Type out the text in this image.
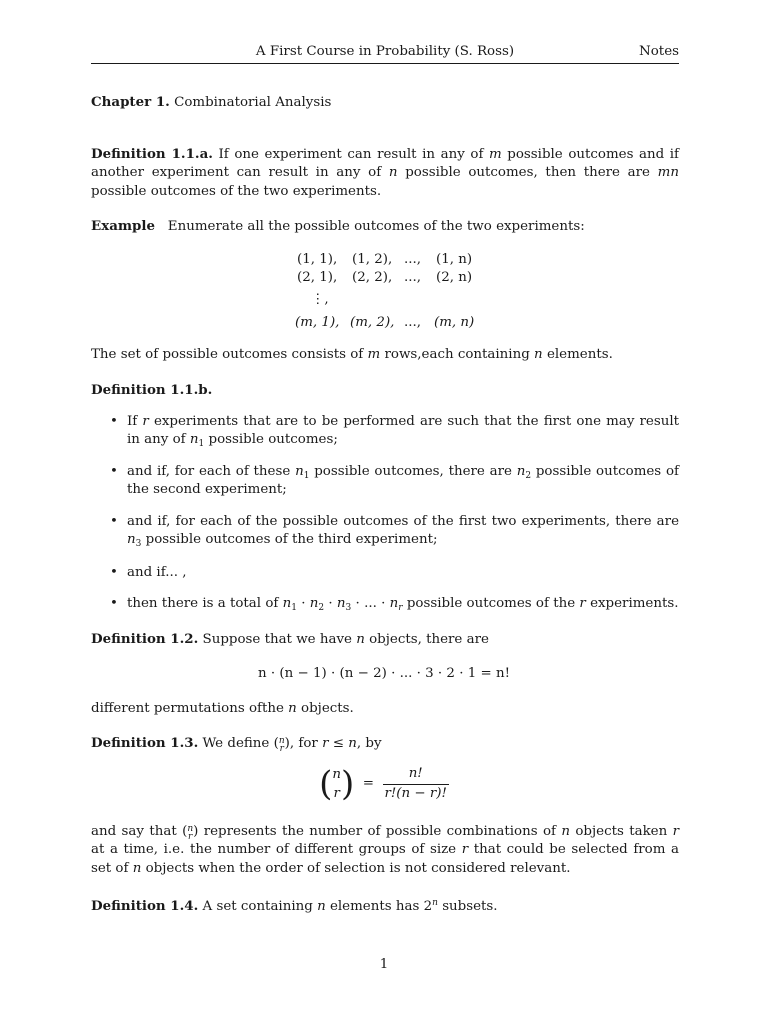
A First Course in Probability (S. Ross)	Notes
Chapter 1. Combinatorial Analysis
Definition 1.1.a. If one experiment can result in any of m possible outcomes and if another experiment can result in any of n possible outcomes, then there are mn possible outcomes of the two experiments.
Example Enumerate all the possible outcomes of the two experiments:
(1, 1), (1, 2), ..., (1, n)
(2, 1), (2, 2), ..., (2, n)
⋮,
(m, 1), (m, 2), ..., (m, n)
The set of possible outcomes consists of m rows,each containing n elements.
Definition 1.1.b.
• If r experiments that are to be performed are such that the first one may result in any of $n_1$ possible outcomes;
• and if, for each of these $n_1$ possible outcomes, there are $n_2$ possible outcomes of the second experiment;
• and if, for each of the possible outcomes of the first two experiments, there are $n_3$ possible outcomes of the third experiment;
• and if... ,
• then there is a total of $n_1 \cdot n_2 \cdot n_3$ · ... · $n_r$ possible outcomes of the r experiments.
Definition 1.2. Suppose that we have n objects, there are
n · (n − 1) · (n − 2) · ... · 3 · 2 · 1 = n!
different permutations ofthe n objects.
Definition 1.3. We define ( n
r ), for r ≤ n, by
( n
r ) = $\frac{n!}{r!(n - r)!}$
and say that ( n
r ) represents the number of possible combinations of n objects taken r at a time, i.e. the number of different groups of size r that could be selected from a set of n objects when the order of selection is not considered relevant.
Definition 1.4. A set containing n elements has 2$^n$ subsets.
1
